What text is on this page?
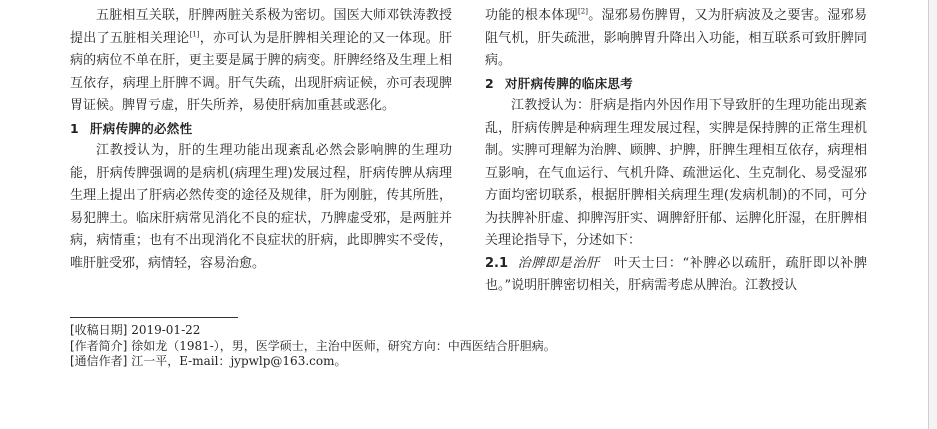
五脏相互关联，肝脾两脏关系极为密切。国医大师邓铁涛教授提出了五脏相关理论[1]，亦可认为是肝脾相关理论的又一体现。肝病的病位不单在肝，更主要是属于脾的病变。肝脾经络及生理上相互依存，病理上肝脾不调。肝气失疏，出现肝病证候，亦可表现脾胃证候。脾胃亏虚，肝失所养，易使肝病加重甚或恶化。

1 肝病传脾的必然性

江教授认为，肝的生理功能出现紊乱必然会影响脾的生理功能，肝病传脾强调的是病机(病理生理)发展过程，肝病传脾从病理生理上提出了肝病必然传变的途径及规律，肝为刚脏，传其所胜，易犯脾土。临床肝病常见消化不良的症状，乃脾虚受邪，是两脏并病，病情重；也有不出现消化不良症状的肝病，此即脾实不受传，唯肝脏受邪，病情轻，容易治愈。

功能的根本体现[2]。湿邪易伤脾胃，又为肝病波及之要害。湿邪易阻气机，肝失疏泄，影响脾胃升降出入功能，相互联系可致肝脾同病。

2 对肝病传脾的临床思考

江教授认为：肝病是指内外因作用下导致肝的生理功能出现紊乱，肝病传脾是种病理生理发展过程，实脾是保持脾的正常生理机制。实脾可理解为治脾、顾脾、护脾，肝脾生理相互依存，病理相互影响，在气血运行、气机升降、疏泄运化、生克制化、易受湿邪方面均密切联系，根据肝脾相关病理生理(发病机制)的不同，可分为扶脾补肝虚、抑脾泻肝实、调脾舒肝郁、运脾化肝湿，在肝脾相关理论指导下，分述如下：

2.1 治脾即是治肝 叶天士曰：“补脾必以疏肝，疏肝即以补脾也。”说明肝脾密切相关，肝病需考虑从脾治。江教授认

[收稿日期] 2019-01-22
[作者简介] 徐如龙（1981-），男，医学硕士，主治中医师，研究方向：中西医结合肝胆病。
[通信作者] 江一平，E-mail：jypwlp@163.com。
